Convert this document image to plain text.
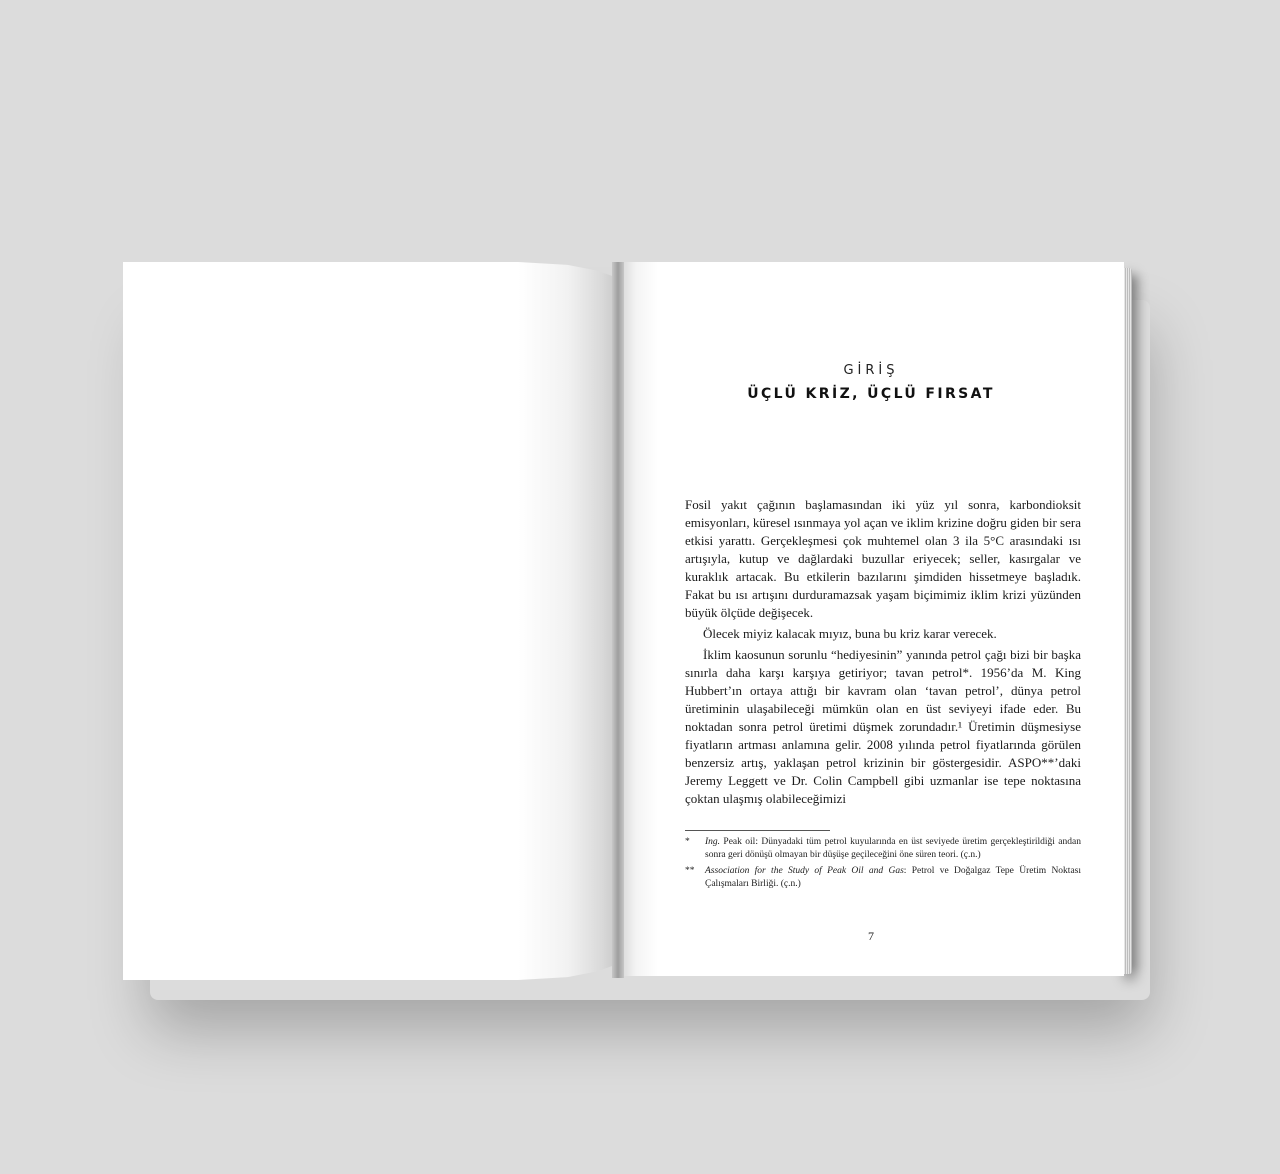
GİRİŞ
ÜÇLÜ KRİZ, ÜÇLÜ FIRSAT

Fosil yakıt çağının başlamasından iki yüz yıl sonra, karbondioksit emisyonları, küresel ısınmaya yol açan ve iklim krizine doğru giden bir sera etkisi yarattı. Gerçekleşmesi çok muhtemel olan 3 ila 5°C arasındaki ısı artışıyla, kutup ve dağlardaki buzullar eriyecek; seller, kasırgalar ve kuraklık artacak. Bu etkilerin bazılarını şimdiden hissetmeye başladık. Fakat bu ısı artışını durduramazsak yaşam biçimimiz iklim krizi yüzünden büyük ölçüde değişecek.

Ölecek miyiz kalacak mıyız, buna bu kriz karar verecek.

İklim kaosunun sorunlu “hediyesinin” yanında petrol çağı bizi bir başka sınırla daha karşı karşıya getiriyor; tavan petrol*. 1956’da M. King Hubbert’ın ortaya attığı bir kavram olan ‘tavan petrol’, dünya petrol üretiminin ulaşabileceği mümkün olan en üst seviyeyi ifade eder. Bu noktadan sonra petrol üretimi düşmek zorundadır.¹ Üretimin düşmesiyse fiyatların artması anlamına gelir. 2008 yılında petrol fiyatlarında görülen benzersiz artış, yaklaşan petrol krizinin bir göstergesidir. ASPO**’daki Jeremy Leggett ve Dr. Colin Campbell gibi uzmanlar ise tepe noktasına çoktan ulaşmış olabileceğimizi

*	Ing. Peak oil: Dünyadaki tüm petrol kuyularında en üst seviyede üretim gerçekleştirildiği andan sonra geri dönüşü olmayan bir düşüşe geçileceğini öne süren teori. (ç.n.)
**	Association for the Study of Peak Oil and Gas: Petrol ve Doğalgaz Tepe Üretim Noktası Çalışmaları Birliği. (ç.n.)
7
